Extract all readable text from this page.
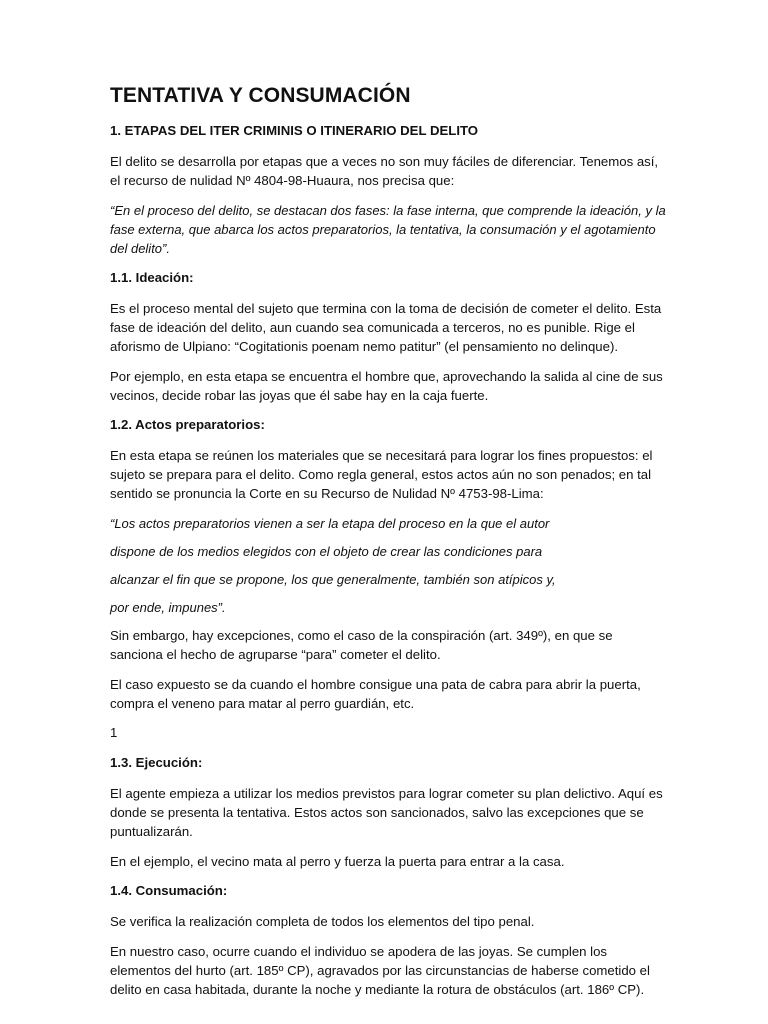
TENTATIVA Y CONSUMACIÓN
1. ETAPAS DEL ITER CRIMINIS O ITINERARIO DEL DELITO
El delito se desarrolla por etapas que a veces no son muy fáciles de diferenciar. Tenemos así, el recurso de nulidad Nº 4804-98-Huaura, nos precisa que:
“En el proceso del delito, se destacan dos fases: la fase interna, que comprende la ideación, y la fase externa, que abarca los actos preparatorios, la tentativa, la consumación y el agotamiento del delito”.
1.1. Ideación:
Es el proceso mental del sujeto que termina con la toma de decisión de cometer el delito. Esta fase de ideación del delito, aun cuando sea comunicada a terceros, no es punible. Rige el aforismo de Ulpiano: “Cogitationis poenam nemo patitur” (el pensamiento no delinque).
Por ejemplo, en esta etapa se encuentra el hombre que, aprovechando la salida al cine de sus vecinos, decide robar las joyas que él sabe hay en la caja fuerte.
1.2. Actos preparatorios:
En esta etapa se reúnen los materiales que se necesitará para lograr los fines propuestos: el sujeto se prepara para el delito. Como regla general, estos actos aún no son penados; en tal sentido se pronuncia la Corte en su Recurso de Nulidad Nº 4753-98-Lima:
“Los actos preparatorios vienen a ser la etapa del proceso en la que el autor
dispone de los medios elegidos con el objeto de crear las condiciones para
alcanzar el fin que se propone, los que generalmente, también son atípicos y,
por ende, impunes”.
Sin embargo, hay excepciones, como el caso de la conspiración (art. 349º), en que se sanciona el hecho de agruparse “para” cometer el delito.
El caso expuesto se da cuando el hombre consigue una pata de cabra para abrir la puerta, compra el veneno para matar al perro guardián, etc.
1
1.3. Ejecución:
El agente empieza a utilizar los medios previstos para lograr cometer su plan delictivo. Aquí es donde se presenta la tentativa. Estos actos son sancionados, salvo las excepciones que se puntualizarán.
En el ejemplo, el vecino mata al perro y fuerza la puerta para entrar a la casa.
1.4. Consumación:
Se verifica la realización completa de todos los elementos del tipo penal.
En nuestro caso, ocurre cuando el individuo se apodera de las joyas. Se cumplen los elementos del hurto (art. 185º CP), agravados por las circunstancias de haberse cometido el delito en casa habitada, durante la noche y mediante la rotura de obstáculos (art. 186º CP).
